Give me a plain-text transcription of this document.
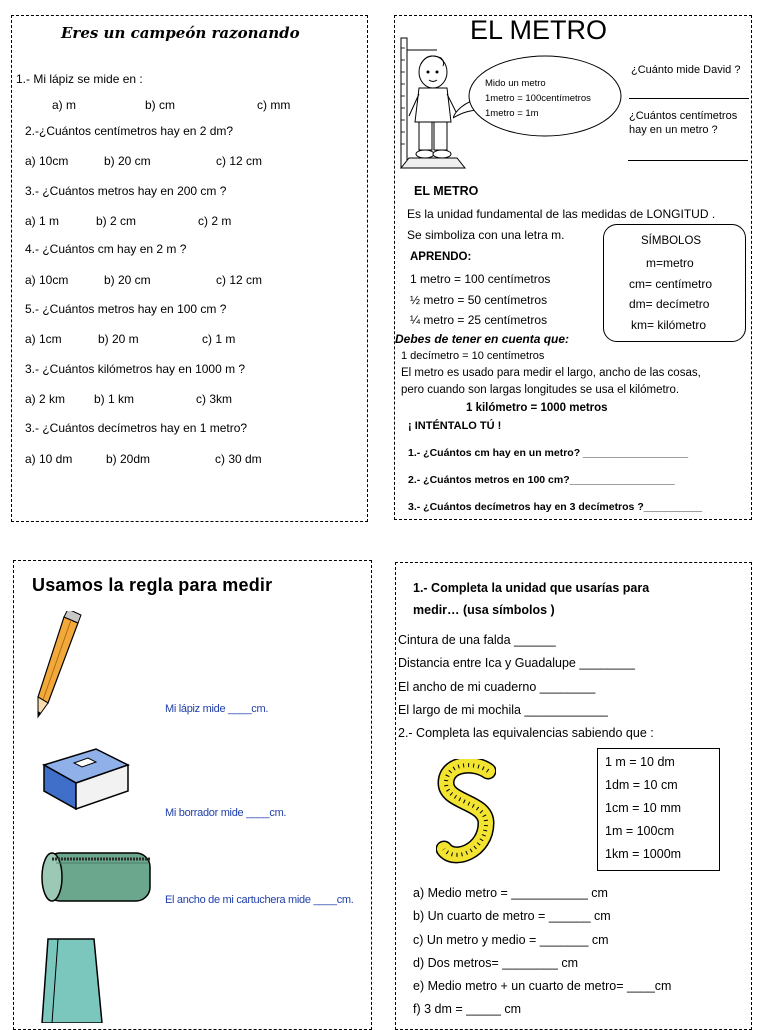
Eres un campeón razonando
1.- Mi lápiz se mide en :
a) m	b) cm	c) mm
2.-¿Cuántos centímetros hay en 2 dm?
a) 10cm	b) 20 cm	c) 12 cm
3.- ¿Cuántos metros hay en 200 cm ?
a) 1 m	b) 2 cm	c) 2 m
4.- ¿Cuántos cm hay en 2 m ?
a) 10cm	b) 20 cm	c) 12 cm
5.- ¿Cuántos metros hay en 100 cm ?
a) 1cm	b) 20 m	c) 1 m
3.- ¿Cuántos kilómetros hay en 1000 m ?
a) 2 km b) 1 km	c) 3km
3.- ¿Cuántos decímetros hay en 1 metro?
a) 10 dm	b) 20dm	c) 30 dm
EL METRO
Mido un metro
1metro = 100centímetros
1metro = 1m
¿Cuánto mide David ?
¿Cuántos centímetros
hay en un metro ?
EL METRO
Es la unidad fundamental de las medidas de LONGITUD .
Se simboliza con una letra m.
APRENDO:
1 metro = 100 centímetros
½ metro = 50 centímetros
¼ metro = 25 centímetros
SÍMBOLOS
m=metro
cm= centímetro
dm= decímetro
km= kilómetro
Debes de tener en cuenta que:
1 decímetro = 10 centímetros
El metro es usado para medir el largo, ancho de las cosas,
pero cuando son largas longitudes se usa el kilómetro.
1 kilómetro = 1000 metros
¡ INTÉNTALO TÚ !
1.- ¿Cuántos cm hay en un metro? __________________
2.- ¿Cuántos metros en 100 cm?__________________
3.- ¿Cuántos decímetros hay en 3 decímetros ?__________
Usamos la regla para medir
Mi lápiz mide ____cm.
Mi borrador mide ____cm.
El ancho de mi cartuchera mide ____cm.
1.- Completa la unidad que usarías para
medir… (usa símbolos )
Cintura de una falda ______
Distancia entre Ica y Guadalupe ________
El ancho de mi cuaderno ________
El largo de mi mochila ____________
2.- Completa las equivalencias sabiendo que :
1 m = 10 dm
1dm = 10 cm
1cm = 10 mm
1m = 100cm
1km = 1000m
a) Medio metro = ___________ cm
b) Un cuarto de metro = ______ cm
c) Un metro y medio = _______ cm
d) Dos metros= ________ cm
e) Medio metro + un cuarto de metro= ____cm
f) 3 dm = _____ cm
